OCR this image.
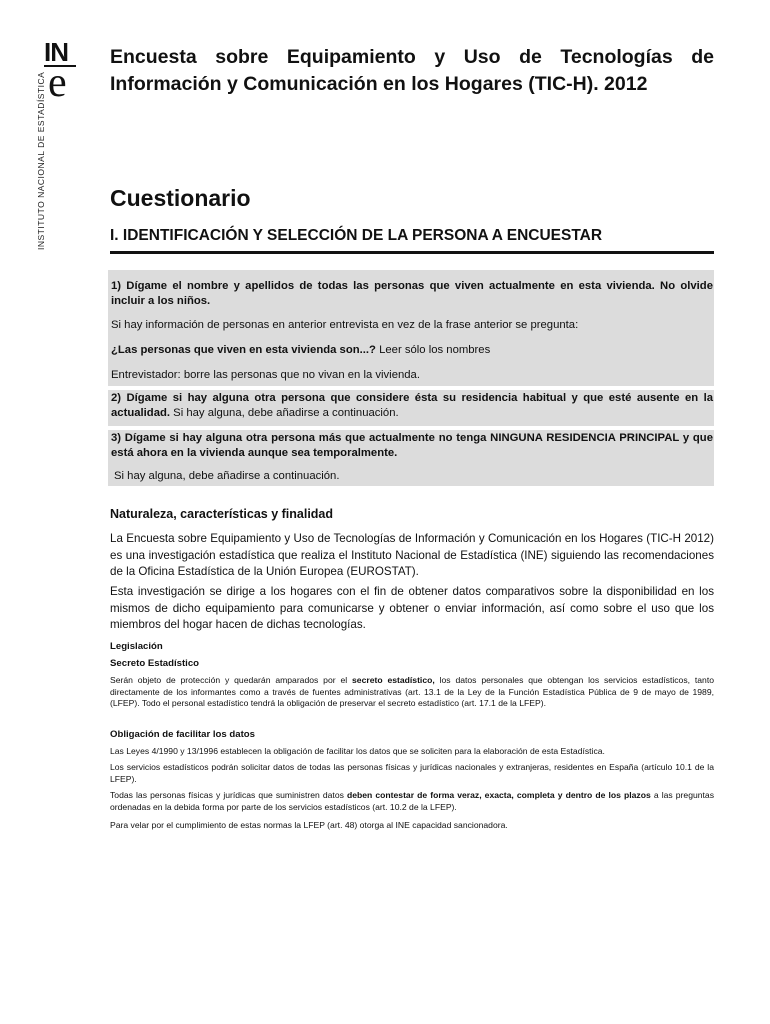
IN
e
INSTITUTO NACIONAL DE ESTADÍSTICA
Encuesta sobre Equipamiento y Uso de Tecnologías de Información y Comunicación en los Hogares (TIC-H). 2012
Cuestionario
I. IDENTIFICACIÓN Y SELECCIÓN DE LA PERSONA A ENCUESTAR
1) Dígame el nombre y apellidos de todas las personas que viven actualmente en esta vivienda. No olvide incluir a los niños.
Si hay información de personas en anterior entrevista en vez de la frase anterior se pregunta:
¿Las personas que viven en esta vivienda son...? Leer sólo los nombres
Entrevistador: borre las personas que no vivan en la vivienda.
2) Dígame si hay alguna otra persona que considere ésta su residencia habitual y que esté ausente en la actualidad. Si hay alguna, debe añadirse a continuación.
3) Dígame si hay alguna otra persona más que actualmente no tenga NINGUNA RESIDENCIA PRINCIPAL y que está ahora en la vivienda aunque sea temporalmente.
Si hay alguna, debe añadirse a continuación.
Naturaleza, características y finalidad
La Encuesta sobre Equipamiento y Uso de Tecnologías de Información y Comunicación en los Hogares (TIC-H 2012) es una investigación estadística que realiza el Instituto Nacional de Estadística (INE) siguiendo las recomendaciones de la Oficina Estadística de la Unión Europea (EUROSTAT).
Esta investigación se dirige a los hogares con el fin de obtener datos comparativos sobre la disponibilidad en los mismos de dicho equipamiento para comunicarse y obtener o enviar información, así como sobre el uso que los miembros del hogar hacen de dichas tecnologías.
Legislación
Secreto Estadístico
Serán objeto de protección y quedarán amparados por el secreto estadístico, los datos personales que obtengan los servicios estadísticos, tanto directamente de los informantes como a través de fuentes administrativas (art. 13.1 de la Ley de la Función Estadística Pública de 9 de mayo de 1989, (LFEP). Todo el personal estadístico tendrá la obligación de preservar el secreto estadístico (art. 17.1 de la LFEP).
Obligación de facilitar los datos
Las Leyes 4/1990 y 13/1996 establecen la obligación de facilitar los datos que se soliciten para la elaboración de esta Estadística.
Los servicios estadísticos podrán solicitar datos de todas las personas físicas y jurídicas nacionales y extranjeras, residentes en España (artículo 10.1 de la LFEP).
Todas las personas físicas y jurídicas que suministren datos deben contestar de forma veraz, exacta, completa y dentro de los plazos a las preguntas ordenadas en la debida forma por parte de los servicios estadísticos (art. 10.2 de la LFEP).
Para velar por el cumplimiento de estas normas la LFEP (art. 48) otorga al INE capacidad sancionadora.
